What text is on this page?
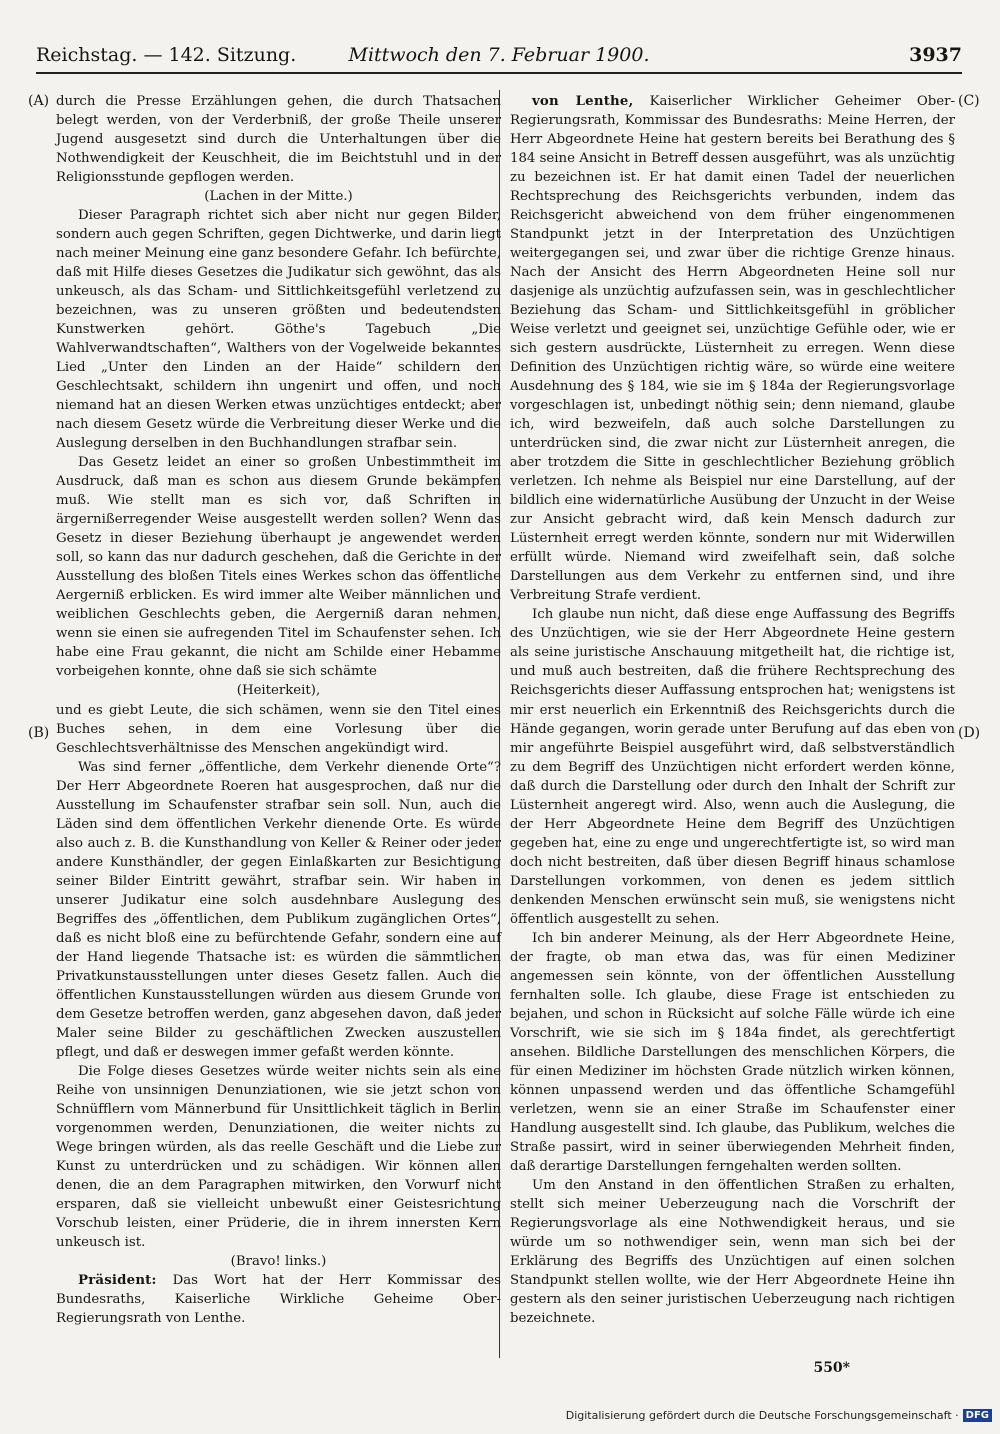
Reichstag. — 142. Sitzung.	Mittwoch den 7. Februar 1900.	3937
(A)
(B)
(C)
(D)

durch die Presse Erzählungen gehen, die durch Thatsachen belegt werden, von der Verderbniß, der große Theile unserer Jugend ausgesetzt sind durch die Unterhaltungen über die Nothwendigkeit der Keuschheit, die im Beichtstuhl und in der Religionsstunde gepflogen werden.

(Lachen in der Mitte.)

Dieser Paragraph richtet sich aber nicht nur gegen Bilder, sondern auch gegen Schriften, gegen Dichtwerke, und darin liegt nach meiner Meinung eine ganz besondere Gefahr. Ich befürchte, daß mit Hilfe dieses Gesetzes die Judikatur sich gewöhnt, das als unkeusch, als das Scham- und Sittlichkeitsgefühl verletzend zu bezeichnen, was zu unseren größten und bedeutendsten Kunstwerken gehört. Göthe's Tagebuch „Die Wahlverwandtschaften“, Walthers von der Vogelweide bekanntes Lied „Unter den Linden an der Haide“ schildern den Geschlechtsakt, schildern ihn ungenirt und offen, und noch niemand hat an diesen Werken etwas unzüchtiges entdeckt; aber nach diesem Gesetz würde die Verbreitung dieser Werke und die Auslegung derselben in den Buchhandlungen strafbar sein.

Das Gesetz leidet an einer so großen Unbestimmtheit im Ausdruck, daß man es schon aus diesem Grunde bekämpfen muß. Wie stellt man es sich vor, daß Schriften in ärgernißerregender Weise ausgestellt werden sollen? Wenn das Gesetz in dieser Beziehung überhaupt je angewendet werden soll, so kann das nur dadurch geschehen, daß die Gerichte in der Ausstellung des bloßen Titels eines Werkes schon das öffentliche Aergerniß erblicken. Es wird immer alte Weiber männlichen und weiblichen Geschlechts geben, die Aergerniß daran nehmen, wenn sie einen sie aufregenden Titel im Schaufenster sehen. Ich habe eine Frau gekannt, die nicht am Schilde einer Hebamme vorbeigehen konnte, ohne daß sie sich schämte

(Heiterkeit),

und es giebt Leute, die sich schämen, wenn sie den Titel eines Buches sehen, in dem eine Vorlesung über die Geschlechtsverhältnisse des Menschen angekündigt wird.

Was sind ferner „öffentliche, dem Verkehr dienende Orte“? Der Herr Abgeordnete Roeren hat ausgesprochen, daß nur die Ausstellung im Schaufenster strafbar sein soll. Nun, auch die Läden sind dem öffentlichen Verkehr dienende Orte. Es würde also auch z. B. die Kunsthandlung von Keller & Reiner oder jeder andere Kunsthändler, der gegen Einlaßkarten zur Besichtigung seiner Bilder Eintritt gewährt, strafbar sein. Wir haben in unserer Judikatur eine solch ausdehnbare Auslegung des Begriffes des „öffentlichen, dem Publikum zugänglichen Ortes“, daß es nicht bloß eine zu befürchtende Gefahr, sondern eine auf der Hand liegende Thatsache ist: es würden die sämmtlichen Privatkunstausstellungen unter dieses Gesetz fallen. Auch die öffentlichen Kunstausstellungen würden aus diesem Grunde von dem Gesetze betroffen werden, ganz abgesehen davon, daß jeder Maler seine Bilder zu geschäftlichen Zwecken auszustellen pflegt, und daß er deswegen immer gefaßt werden könnte.

Die Folge dieses Gesetzes würde weiter nichts sein als eine Reihe von unsinnigen Denunziationen, wie sie jetzt schon von Schnüfflern vom Männerbund für Unsittlichkeit täglich in Berlin vorgenommen werden, Denunziationen, die weiter nichts zu Wege bringen würden, als das reelle Geschäft und die Liebe zur Kunst zu unterdrücken und zu schädigen. Wir können allen denen, die an dem Paragraphen mitwirken, den Vorwurf nicht ersparen, daß sie vielleicht unbewußt einer Geistesrichtung Vorschub leisten, einer Prüderie, die in ihrem innersten Kern unkeusch ist.

(Bravo! links.)

Präsident: Das Wort hat der Herr Kommissar des Bundesraths, Kaiserliche Wirkliche Geheime Ober-Regierungsrath von Lenthe.

von Lenthe, Kaiserlicher Wirklicher Geheimer Ober-Regierungsrath, Kommissar des Bundesraths: Meine Herren, der Herr Abgeordnete Heine hat gestern bereits bei Berathung des § 184 seine Ansicht in Betreff dessen ausgeführt, was als unzüchtig zu bezeichnen ist. Er hat damit einen Tadel der neuerlichen Rechtsprechung des Reichsgerichts verbunden, indem das Reichsgericht abweichend von dem früher eingenommenen Standpunkt jetzt in der Interpretation des Unzüchtigen weitergegangen sei, und zwar über die richtige Grenze hinaus. Nach der Ansicht des Herrn Abgeordneten Heine soll nur dasjenige als unzüchtig aufzufassen sein, was in geschlechtlicher Beziehung das Scham- und Sittlichkeitsgefühl in gröblicher Weise verletzt und geeignet sei, unzüchtige Gefühle oder, wie er sich gestern ausdrückte, Lüsternheit zu erregen. Wenn diese Definition des Unzüchtigen richtig wäre, so würde eine weitere Ausdehnung des § 184, wie sie im § 184a der Regierungsvorlage vorgeschlagen ist, unbedingt nöthig sein; denn niemand, glaube ich, wird bezweifeln, daß auch solche Darstellungen zu unterdrücken sind, die zwar nicht zur Lüsternheit anregen, die aber trotzdem die Sitte in geschlechtlicher Beziehung gröblich verletzen. Ich nehme als Beispiel nur eine Darstellung, auf der bildlich eine widernatürliche Ausübung der Unzucht in der Weise zur Ansicht gebracht wird, daß kein Mensch dadurch zur Lüsternheit erregt werden könnte, sondern nur mit Widerwillen erfüllt würde. Niemand wird zweifelhaft sein, daß solche Darstellungen aus dem Verkehr zu entfernen sind, und ihre Verbreitung Strafe verdient.

Ich glaube nun nicht, daß diese enge Auffassung des Begriffs des Unzüchtigen, wie sie der Herr Abgeordnete Heine gestern als seine juristische Anschauung mitgetheilt hat, die richtige ist, und muß auch bestreiten, daß die frühere Rechtsprechung des Reichsgerichts dieser Auffassung entsprochen hat; wenigstens ist mir erst neuerlich ein Erkenntniß des Reichsgerichts durch die Hände gegangen, worin gerade unter Berufung auf das eben von mir angeführte Beispiel ausgeführt wird, daß selbstverständlich zu dem Begriff des Unzüchtigen nicht erfordert werden könne, daß durch die Darstellung oder durch den Inhalt der Schrift zur Lüsternheit angeregt wird. Also, wenn auch die Auslegung, die der Herr Abgeordnete Heine dem Begriff des Unzüchtigen gegeben hat, eine zu enge und ungerechtfertigte ist, so wird man doch nicht bestreiten, daß über diesen Begriff hinaus schamlose Darstellungen vorkommen, von denen es jedem sittlich denkenden Menschen erwünscht sein muß, sie wenigstens nicht öffentlich ausgestellt zu sehen.

Ich bin anderer Meinung, als der Herr Abgeordnete Heine, der fragte, ob man etwa das, was für einen Mediziner angemessen sein könnte, von der öffentlichen Ausstellung fernhalten solle. Ich glaube, diese Frage ist entschieden zu bejahen, und schon in Rücksicht auf solche Fälle würde ich eine Vorschrift, wie sie sich im § 184a findet, als gerechtfertigt ansehen. Bildliche Darstellungen des menschlichen Körpers, die für einen Mediziner im höchsten Grade nützlich wirken können, können unpassend werden und das öffentliche Schamgefühl verletzen, wenn sie an einer Straße im Schaufenster einer Handlung ausgestellt sind. Ich glaube, das Publikum, welches die Straße passirt, wird in seiner überwiegenden Mehrheit finden, daß derartige Darstellungen ferngehalten werden sollten.

Um den Anstand in den öffentlichen Straßen zu erhalten, stellt sich meiner Ueberzeugung nach die Vorschrift der Regierungsvorlage als eine Nothwendigkeit heraus, und sie würde um so nothwendiger sein, wenn man sich bei der Erklärung des Begriffs des Unzüchtigen auf einen solchen Standpunkt stellen wollte, wie der Herr Abgeordnete Heine ihn gestern als den seiner juristischen Ueberzeugung nach richtigen bezeichnete.

550*
Digitalisierung gefördert durch die Deutsche Forschungsgemeinschaft · DFG
